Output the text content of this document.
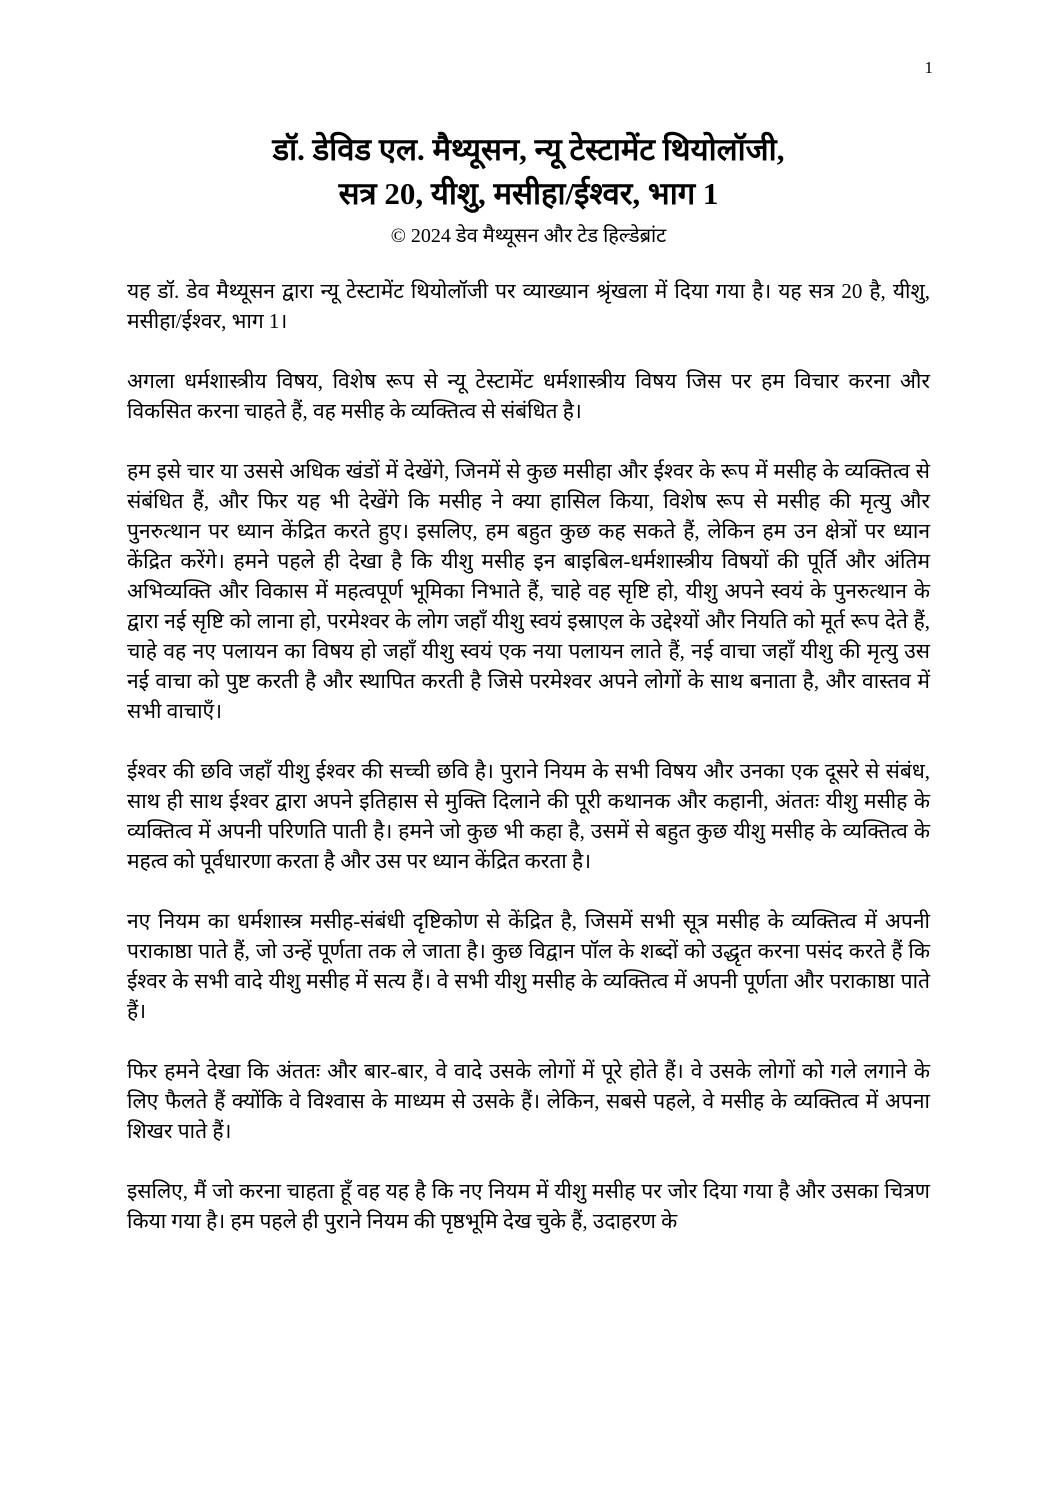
1
डॉ. डेविड एल. मैथ्यूसन, न्यू टेस्टामेंट थियोलॉजी,
सत्र 20, यीशु, मसीहा/ईश्वर, भाग 1
© 2024 डेव मैथ्यूसन और टेड हिल्डेब्रांट

यह डॉ. डेव मैथ्यूसन द्वारा न्यू टेस्टामेंट थियोलॉजी पर व्याख्यान श्रृंखला में दिया गया है। यह सत्र 20 है, यीशु, मसीहा/ईश्वर, भाग 1।

अगला धर्मशास्त्रीय विषय, विशेष रूप से न्यू टेस्टामेंट धर्मशास्त्रीय विषय जिस पर हम विचार करना और विकसित करना चाहते हैं, वह मसीह के व्यक्तित्व से संबंधित है।

हम इसे चार या उससे अधिक खंडों में देखेंगे, जिनमें से कुछ मसीहा और ईश्वर के रूप में मसीह के व्यक्तित्व से संबंधित हैं, और फिर यह भी देखेंगे कि मसीह ने क्या हासिल किया, विशेष रूप से मसीह की मृत्यु और पुनरुत्थान पर ध्यान केंद्रित करते हुए। इसलिए, हम बहुत कुछ कह सकते हैं, लेकिन हम उन क्षेत्रों पर ध्यान केंद्रित करेंगे। हमने पहले ही देखा है कि यीशु मसीह इन बाइबिल-धर्मशास्त्रीय विषयों की पूर्ति और अंतिम अभिव्यक्ति और विकास में महत्वपूर्ण भूमिका निभाते हैं, चाहे वह सृष्टि हो, यीशु अपने स्वयं के पुनरुत्थान के द्वारा नई सृष्टि को लाना हो, परमेश्वर के लोग जहाँ यीशु स्वयं इस्राएल के उद्देश्यों और नियति को मूर्त रूप देते हैं, चाहे वह नए पलायन का विषय हो जहाँ यीशु स्वयं एक नया पलायन लाते हैं, नई वाचा जहाँ यीशु की मृत्यु उस नई वाचा को पुष्ट करती है और स्थापित करती है जिसे परमेश्वर अपने लोगों के साथ बनाता है, और वास्तव में सभी वाचाएँ।

ईश्वर की छवि जहाँ यीशु ईश्वर की सच्ची छवि है। पुराने नियम के सभी विषय और उनका एक दूसरे से संबंध, साथ ही साथ ईश्वर द्वारा अपने इतिहास से मुक्ति दिलाने की पूरी कथानक और कहानी, अंततः यीशु मसीह के व्यक्तित्व में अपनी परिणति पाती है। हमने जो कुछ भी कहा है, उसमें से बहुत कुछ यीशु मसीह के व्यक्तित्व के महत्व को पूर्वधारणा करता है और उस पर ध्यान केंद्रित करता है।

नए नियम का धर्मशास्त्र मसीह-संबंधी दृष्टिकोण से केंद्रित है, जिसमें सभी सूत्र मसीह के व्यक्तित्व में अपनी पराकाष्ठा पाते हैं, जो उन्हें पूर्णता तक ले जाता है। कुछ विद्वान पॉल के शब्दों को उद्धृत करना पसंद करते हैं कि ईश्वर के सभी वादे यीशु मसीह में सत्य हैं। वे सभी यीशु मसीह के व्यक्तित्व में अपनी पूर्णता और पराकाष्ठा पाते हैं।

फिर हमने देखा कि अंततः और बार-बार, वे वादे उसके लोगों में पूरे होते हैं। वे उसके लोगों को गले लगाने के लिए फैलते हैं क्योंकि वे विश्वास के माध्यम से उसके हैं। लेकिन, सबसे पहले, वे मसीह के व्यक्तित्व में अपना शिखर पाते हैं।

इसलिए, मैं जो करना चाहता हूँ वह यह है कि नए नियम में यीशु मसीह पर जोर दिया गया है और उसका चित्रण किया गया है। हम पहले ही पुराने नियम की पृष्ठभूमि देख चुके हैं, उदाहरण के
